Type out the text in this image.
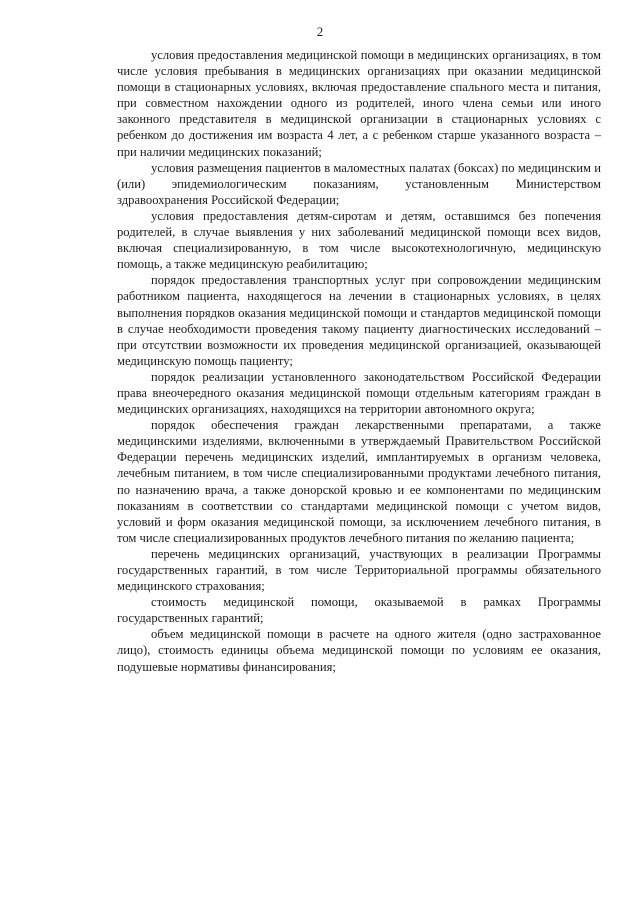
2

условия предоставления медицинской помощи в медицинских организациях, в том числе условия пребывания в медицинских организациях при оказании медицинской помощи в стационарных условиях, включая предоставление спального места и питания, при совместном нахождении одного из родителей, иного члена семьи или иного законного представителя в медицинской организации в стационарных условиях с ребенком до достижения им возраста 4 лет, а с ребенком старше указанного возраста – при наличии медицинских показаний;

условия размещения пациентов в маломестных палатах (боксах) по медицинским и (или) эпидемиологическим показаниям, установленным Министерством здравоохранения Российской Федерации;

условия предоставления детям-сиротам и детям, оставшимся без попечения родителей, в случае выявления у них заболеваний медицинской помощи всех видов, включая специализированную, в том числе высокотехнологичную, медицинскую помощь, а также медицинскую реабилитацию;

порядок предоставления транспортных услуг при сопровождении медицинским работником пациента, находящегося на лечении в стационарных условиях, в целях выполнения порядков оказания медицинской помощи и стандартов медицинской помощи в случае необходимости проведения такому пациенту диагностических исследований – при отсутствии возможности их проведения медицинской организацией, оказывающей медицинскую помощь пациенту;

порядок реализации установленного законодательством Российской Федерации права внеочередного оказания медицинской помощи отдельным категориям граждан в медицинских организациях, находящихся на территории автономного округа;

порядок обеспечения граждан лекарственными препаратами, а также медицинскими изделиями, включенными в утверждаемый Правительством Российской Федерации перечень медицинских изделий, имплантируемых в организм человека, лечебным питанием, в том числе специализированными продуктами лечебного питания, по назначению врача, а также донорской кровью и ее компонентами по медицинским показаниям в соответствии со стандартами медицинской помощи с учетом видов, условий и форм оказания медицинской помощи, за исключением лечебного питания, в том числе специализированных продуктов лечебного питания по желанию пациента;

перечень медицинских организаций, участвующих в реализации Программы государственных гарантий, в том числе Территориальной программы обязательного медицинского страхования;

стоимость медицинской помощи, оказываемой в рамках Программы государственных гарантий;

объем медицинской помощи в расчете на одного жителя (одно застрахованное лицо), стоимость единицы объема медицинской помощи по условиям ее оказания, подушевые нормативы финансирования;
